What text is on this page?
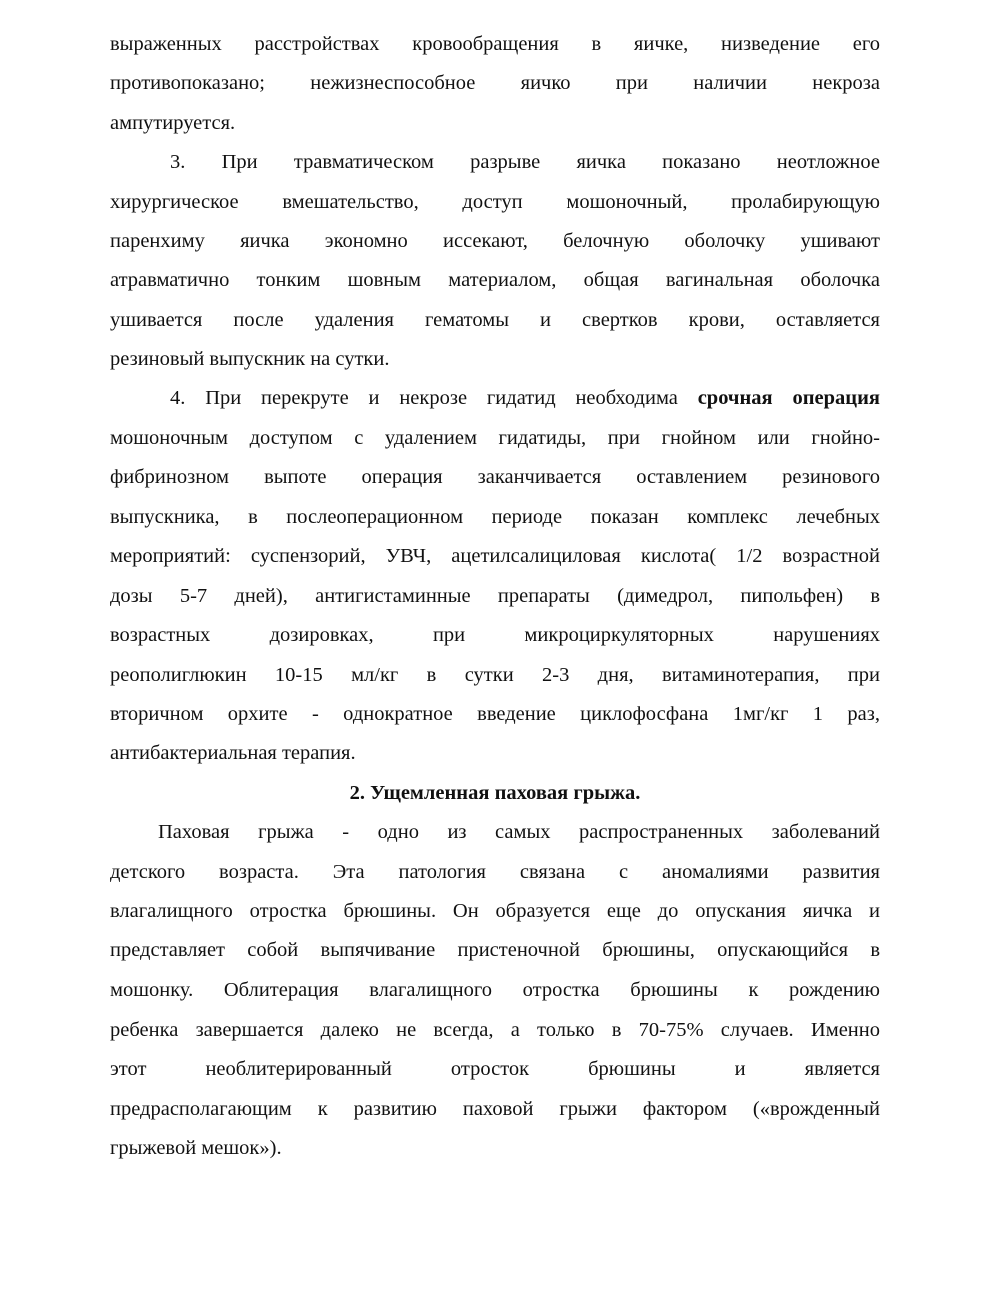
выраженных расстройствах кровообращения в яичке, низведение его
противопоказано; нежизнеспособное яичко при наличии некроза
ампутируется.
3. При травматическом разрыве яичка показано неотложное
хирургическое вмешательство, доступ мошоночный, пролабирующую
паренхиму яичка экономно иссекают, белочную оболочку ушивают
атравматично тонким шовным материалом, общая вагинальная оболочка
ушивается после удаления гематомы и свертков крови, оставляется
резиновый выпускник на сутки.
4. При перекруте и некрозе гидатид необходима срочная операция
мошоночным доступом с удалением гидатиды, при гнойном или гнойно-
фибринозном выпоте операция заканчивается оставлением резинового
выпускника, в послеоперационном периоде показан комплекс лечебных
мероприятий: суспензорий, УВЧ, ацетилсалициловая кислота( 1/2 возрастной
дозы 5-7 дней), антигистаминные препараты (димедрол, пипольфен) в
возрастных дозировках, при микроциркуляторных нарушениях
реополиглюкин 10-15 мл/кг в сутки 2-3 дня, витаминотерапия, при
вторичном орхите - однократное введение циклофосфана 1мг/кг 1 раз,
антибактериальная терапия.
2. Ущемленная паховая грыжа.
Паховая грыжа - одно из самых распространенных заболеваний
детского возраста. Эта патология связана с аномалиями развития
влагалищного отростка брюшины. Он образуется еще до опускания яичка и
представляет собой выпячивание пристеночной брюшины, опускающийся в
мошонку. Облитерация влагалищного отростка брюшины к рождению
ребенка завершается далеко не всегда, а только в 70-75% случаев. Именно
этот необлитерированный отросток брюшины и является
предрасполагающим к развитию паховой грыжи фактором («врожденный
грыжевой мешок»).
